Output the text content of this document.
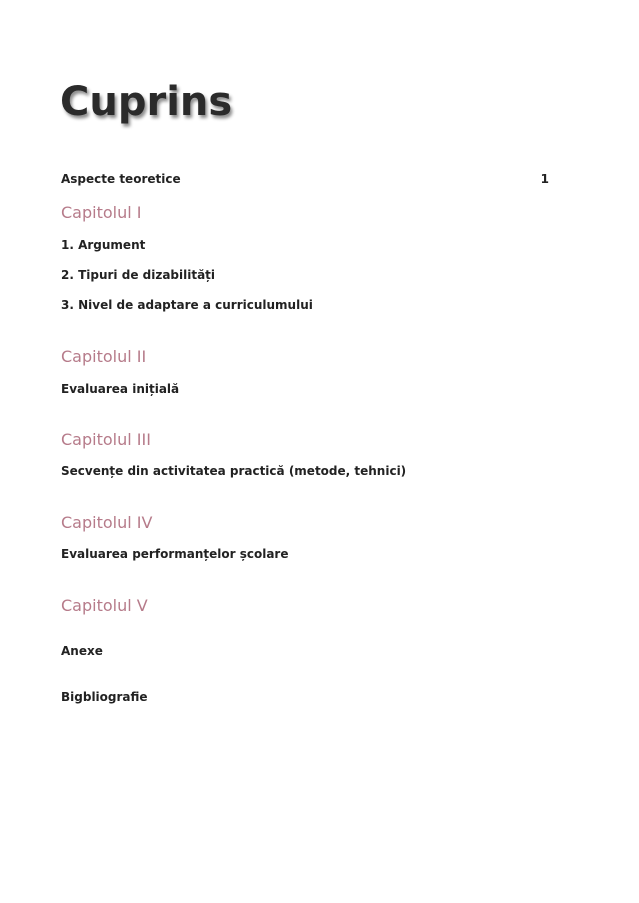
Cuprins
Aspecte teoretice	1
Capitolul I
1. Argument
2. Tipuri de dizabilități
3. Nivel de adaptare a curriculumului
Capitolul II
Evaluarea inițială
Capitolul III
Secvențe din activitatea practică (metode, tehnici)
Capitolul IV
Evaluarea performanțelor școlare
Capitolul V
Anexe
Bigbliografie
